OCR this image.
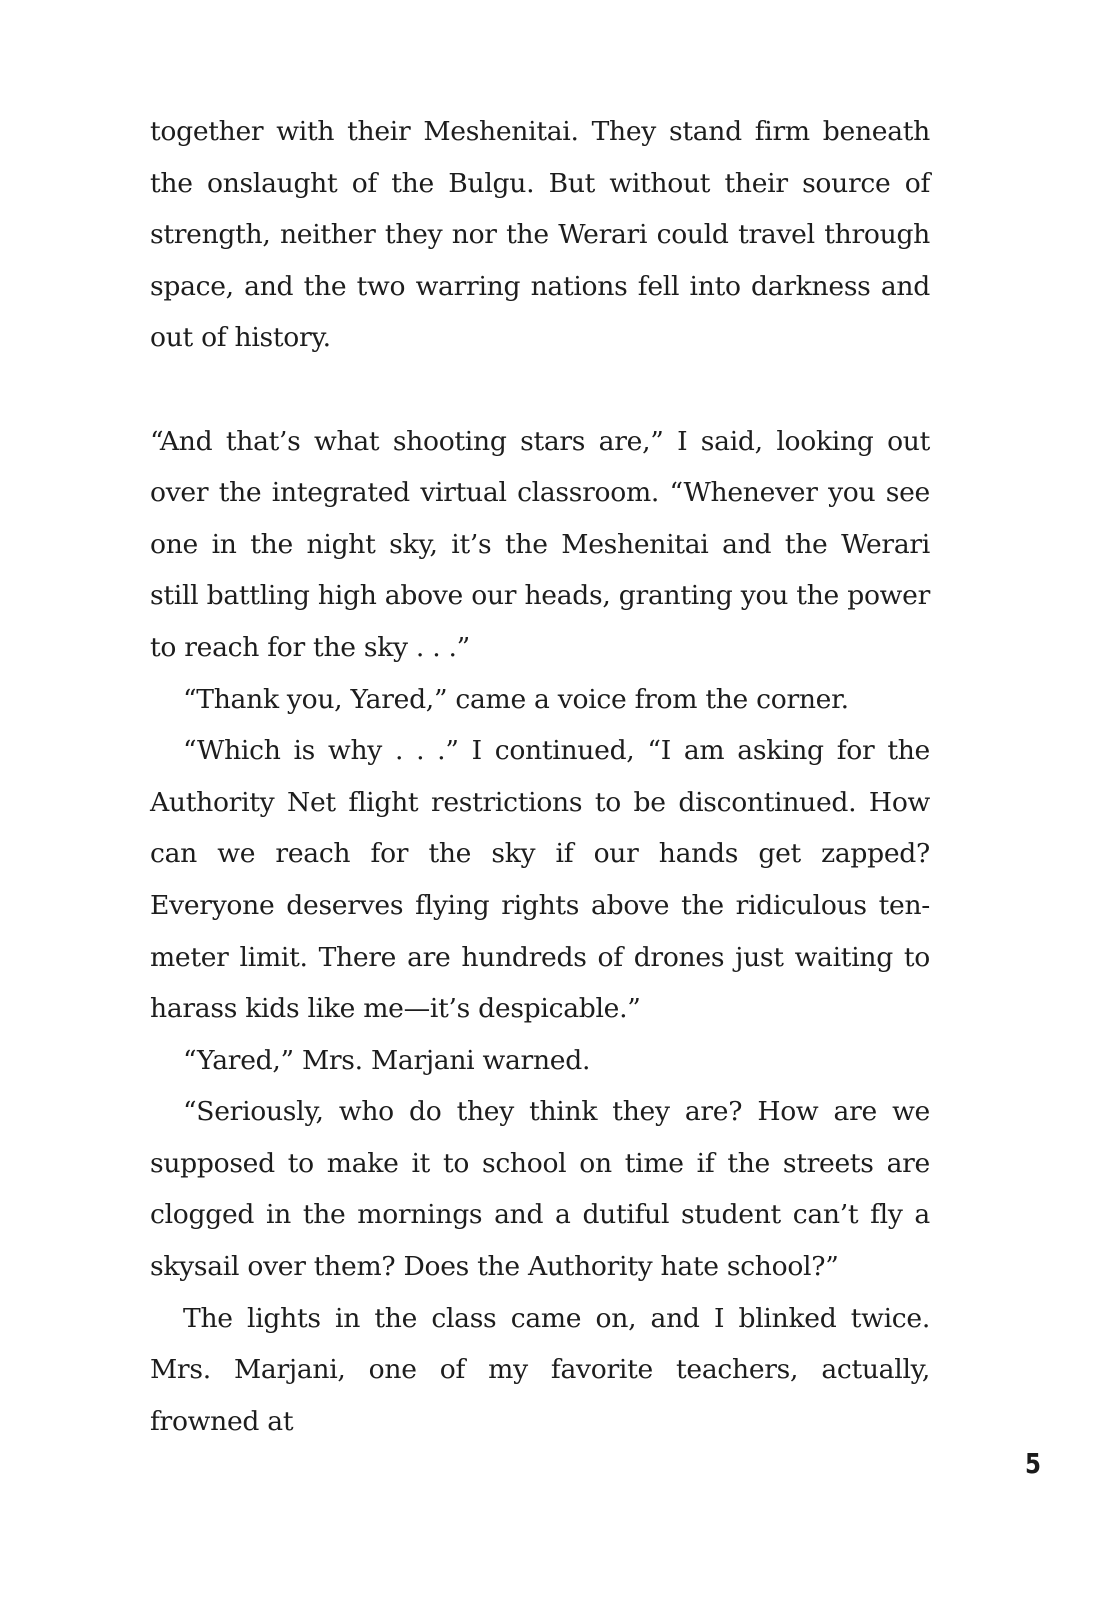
together with their Meshenitai. They stand firm beneath the onslaught of the Bulgu. But without their source of strength, neither they nor the Werari could travel through space, and the two warring nations fell into darkness and out of history.

“And that’s what shooting stars are,” I said, looking out over the integrated virtual classroom. “Whenever you see one in the night sky, it’s the Meshenitai and the Werari still battling high above our heads, granting you the power to reach for the sky . . .”

“Thank you, Yared,” came a voice from the corner.

“Which is why . . .” I continued, “I am asking for the Authority Net flight restrictions to be discontinued. How can we reach for the sky if our hands get zapped? Everyone deserves flying rights above the ridiculous ten-meter limit. There are hundreds of drones just waiting to harass kids like me—it’s despicable.”

“Yared,” Mrs. Marjani warned.

“Seriously, who do they think they are? How are we supposed to make it to school on time if the streets are clogged in the mornings and a dutiful student can’t fly a skysail over them? Does the Authority hate school?”

The lights in the class came on, and I blinked twice. Mrs. Marjani, one of my favorite teachers, actually, frowned at

5
